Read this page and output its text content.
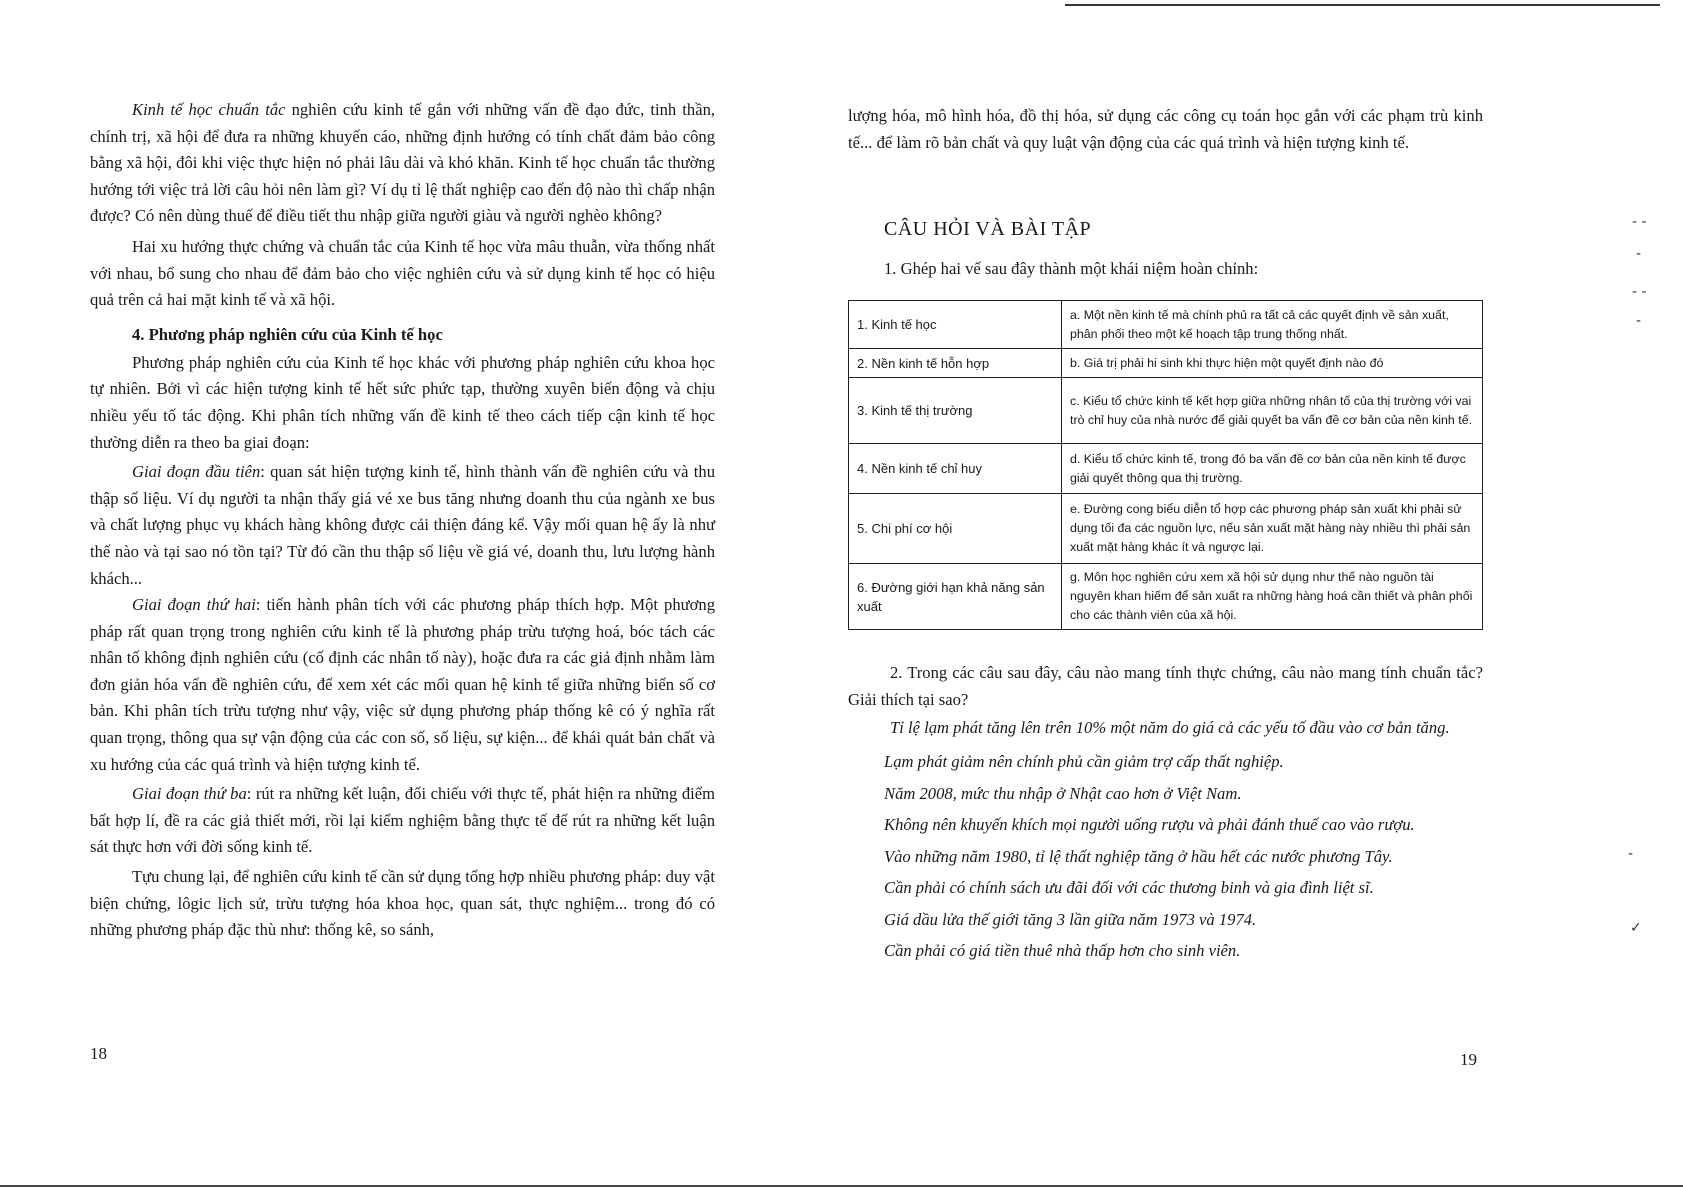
Kinh tế học chuẩn tắc nghiên cứu kinh tế gắn với những vấn đề đạo đức, tinh thần, chính trị, xã hội để đưa ra những khuyến cáo, những định hướng có tính chất đảm bảo công bằng xã hội, đôi khi việc thực hiện nó phải lâu dài và khó khăn. Kinh tế học chuẩn tắc thường hướng tới việc trả lời câu hỏi nên làm gì? Ví dụ tỉ lệ thất nghiệp cao đến độ nào thì chấp nhận được? Có nên dùng thuế để điều tiết thu nhập giữa người giàu và người nghèo không?

Hai xu hướng thực chứng và chuẩn tắc của Kinh tế học vừa mâu thuẫn, vừa thống nhất với nhau, bổ sung cho nhau để đảm bảo cho việc nghiên cứu và sử dụng kinh tế học có hiệu quả trên cả hai mặt kinh tế và xã hội.

4. Phương pháp nghiên cứu của Kinh tế học

Phương pháp nghiên cứu của Kinh tế học khác với phương pháp nghiên cứu khoa học tự nhiên. Bởi vì các hiện tượng kinh tế hết sức phức tạp, thường xuyên biến động và chịu nhiều yếu tố tác động. Khi phân tích những vấn đề kinh tế theo cách tiếp cận kinh tế học thường diễn ra theo ba giai đoạn:

Giai đoạn đầu tiên: quan sát hiện tượng kinh tế, hình thành vấn đề nghiên cứu và thu thập số liệu. Ví dụ người ta nhận thấy giá vé xe bus tăng nhưng doanh thu của ngành xe bus và chất lượng phục vụ khách hàng không được cải thiện đáng kể. Vậy mối quan hệ ấy là như thế nào và tại sao nó tồn tại? Từ đó cần thu thập số liệu về giá vé, doanh thu, lưu lượng hành khách...

Giai đoạn thứ hai: tiến hành phân tích với các phương pháp thích hợp. Một phương pháp rất quan trọng trong nghiên cứu kinh tế là phương pháp trừu tượng hoá, bóc tách các nhân tố không định nghiên cứu (cố định các nhân tố này), hoặc đưa ra các giả định nhằm làm đơn giản hóa vấn đề nghiên cứu, để xem xét các mối quan hệ kinh tế giữa những biến số cơ bản. Khi phân tích trừu tượng như vậy, việc sử dụng phương pháp thống kê có ý nghĩa rất quan trọng, thông qua sự vận động của các con số, số liệu, sự kiện... để khái quát bản chất và xu hướng của các quá trình và hiện tượng kinh tế.

Giai đoạn thứ ba: rút ra những kết luận, đối chiếu với thực tế, phát hiện ra những điểm bất hợp lí, đề ra các giả thiết mới, rồi lại kiểm nghiệm bằng thực tế để rút ra những kết luận sát thực hơn với đời sống kinh tế.

Tựu chung lại, để nghiên cứu kinh tế cần sử dụng tổng hợp nhiều phương pháp: duy vật biện chứng, lôgic lịch sử, trừu tượng hóa khoa học, quan sát, thực nghiệm... trong đó có những phương pháp đặc thù như: thống kê, so sánh,

18

lượng hóa, mô hình hóa, đồ thị hóa, sử dụng các công cụ toán học gắn với các phạm trù kinh tế... để làm rõ bản chất và quy luật vận động của các quá trình và hiện tượng kinh tế.

CÂU HỎI VÀ BÀI TẬP

1. Ghép hai vế sau đây thành một khái niệm hoàn chỉnh:

1. Kinh tế học	a. Một nền kinh tế mà chính phủ ra tất cả các quyết định về sản xuất, phân phối theo một kế hoạch tập trung thống nhất.
2. Nền kinh tế hỗn hợp	b. Giá trị phải hi sinh khi thực hiện một quyết định nào đó
3. Kinh tế thị trường	c. Kiểu tổ chức kinh tế kết hợp giữa những nhân tố của thị trường với vai trò chỉ huy của nhà nước để giải quyết ba vấn đề cơ bản của nền kinh tế.
4. Nền kinh tế chỉ huy	d. Kiểu tổ chức kinh tế, trong đó ba vấn đề cơ bản của nền kinh tế được giải quyết thông qua thị trường.
5. Chi phí cơ hội	e. Đường cong biểu diễn tổ hợp các phương pháp sản xuất khi phải sử dụng tối đa các nguồn lực, nếu sản xuất mặt hàng này nhiều thì phải sản xuất mặt hàng khác ít và ngược lại.
6. Đường giới hạn khả năng sản xuất	g. Môn học nghiên cứu xem xã hội sử dụng như thế nào nguồn tài nguyên khan hiếm để sản xuất ra những hàng hoá cần thiết và phân phối cho các thành viên của xã hội.

2. Trong các câu sau đây, câu nào mang tính thực chứng, câu nào mang tính chuẩn tắc? Giải thích tại sao?

Tỉ lệ lạm phát tăng lên trên 10% một năm do giá cả các yếu tố đầu vào cơ bản tăng.

Lạm phát giảm nên chính phủ cần giảm trợ cấp thất nghiệp.

Năm 2008, mức thu nhập ở Nhật cao hơn ở Việt Nam.

Không nên khuyến khích mọi người uống rượu và phải đánh thuế cao vào rượu.

Vào những năm 1980, tỉ lệ thất nghiệp tăng ở hầu hết các nước phương Tây.

Cần phải có chính sách ưu đãi đối với các thương binh và gia đình liệt sĩ.

Giá dầu lửa thế giới tăng 3 lần giữa năm 1973 và 1974.

Cần phải có giá tiền thuê nhà thấp hơn cho sinh viên.

19
- -
-
- -
-
-
✓
